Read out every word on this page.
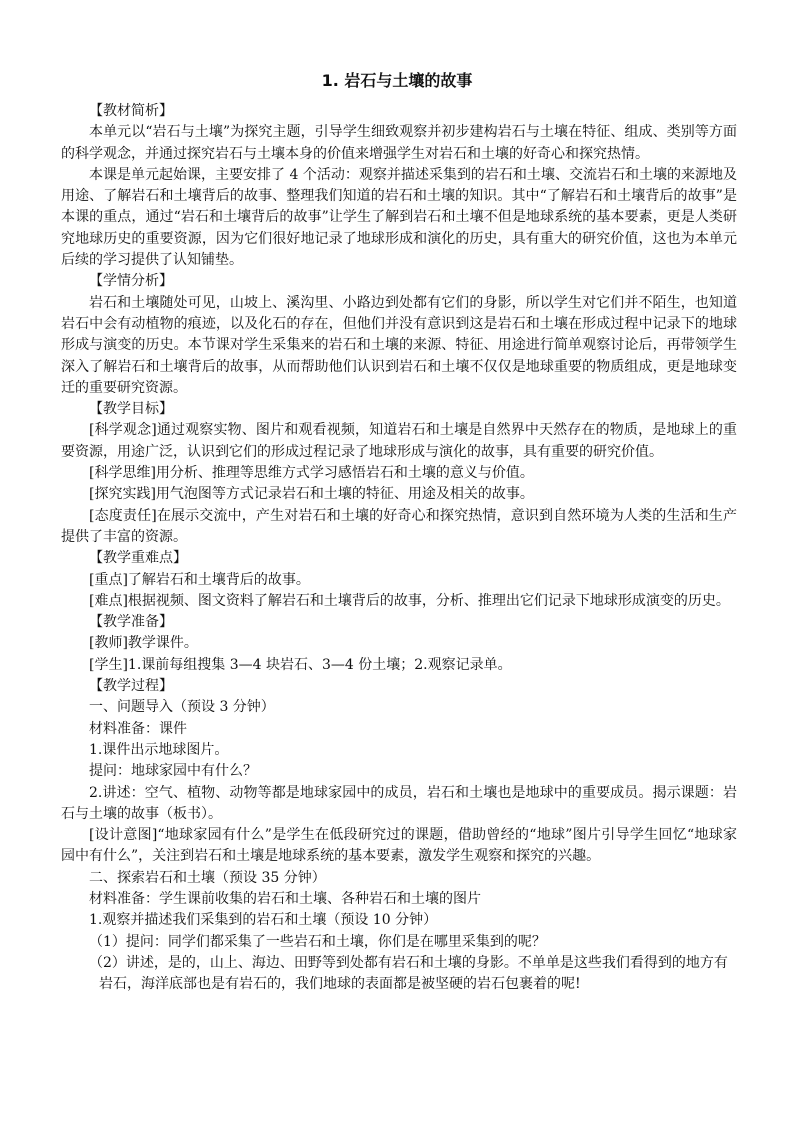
1. 岩石与土壤的故事

【教材简析】

本单元以“岩石与土壤”为探究主题，引导学生细致观察并初步建构岩石与土壤在特征、组成、类别等方面的科学观念，并通过探究岩石与土壤本身的价值来增强学生对岩石和土壤的好奇心和探究热情。

本课是单元起始课，主要安排了 4 个活动：观察并描述采集到的岩石和土壤、交流岩石和土壤的来源地及用途、了解岩石和土壤背后的故事、整理我们知道的岩石和土壤的知识。其中“了解岩石和土壤背后的故事”是本课的重点，通过“岩石和土壤背后的故事”让学生了解到岩石和土壤不但是地球系统的基本要素，更是人类研究地球历史的重要资源，因为它们很好地记录了地球形成和演化的历史，具有重大的研究价值，这也为本单元后续的学习提供了认知铺垫。

【学情分析】

岩石和土壤随处可见，山坡上、溪沟里、小路边到处都有它们的身影，所以学生对它们并不陌生，也知道岩石中会有动植物的痕迹，以及化石的存在，但他们并没有意识到这是岩石和土壤在形成过程中记录下的地球形成与演变的历史。本节课对学生采集来的岩石和土壤的来源、特征、用途进行简单观察讨论后，再带领学生深入了解岩石和土壤背后的故事，从而帮助他们认识到岩石和土壤不仅仅是地球重要的物质组成，更是地球变迁的重要研究资源。

【教学目标】

[科学观念]通过观察实物、图片和观看视频，知道岩石和土壤是自然界中天然存在的物质，是地球上的重要资源，用途广泛，认识到它们的形成过程记录了地球形成与演化的故事，具有重要的研究价值。

[科学思维]用分析、推理等思维方式学习感悟岩石和土壤的意义与价值。

[探究实践]用气泡图等方式记录岩石和土壤的特征、用途及相关的故事。

[态度责任]在展示交流中，产生对岩石和土壤的好奇心和探究热情，意识到自然环境为人类的生活和生产提供了丰富的资源。

【教学重难点】

[重点]了解岩石和土壤背后的故事。

[难点]根据视频、图文资料了解岩石和土壤背后的故事，分析、推理出它们记录下地球形成演变的历史。

【教学准备】

[教师]教学课件。

[学生]1.课前每组搜集 3—4 块岩石、3—4 份土壤；2.观察记录单。

【教学过程】

一、问题导入（预设 3 分钟）

材料准备：课件

1.课件出示地球图片。

提问：地球家园中有什么？

2.讲述：空气、植物、动物等都是地球家园中的成员，岩石和土壤也是地球中的重要成员。揭示课题：岩石与土壤的故事（板书）。

[设计意图]“地球家园有什么”是学生在低段研究过的课题，借助曾经的“地球”图片引导学生回忆“地球家园中有什么”，关注到岩石和土壤是地球系统的基本要素，激发学生观察和探究的兴趣。

二、探索岩石和土壤（预设 35 分钟）

材料准备：学生课前收集的岩石和土壤、各种岩石和土壤的图片

1.观察并描述我们采集到的岩石和土壤（预设 10 分钟）

（1）提问：同学们都采集了一些岩石和土壤，你们是在哪里采集到的呢？

（2）讲述，是的，山上、海边、田野等到处都有岩石和土壤的身影。不单单是这些我们看得到的地方有岩石，海洋底部也是有岩石的，我们地球的表面都是被坚硬的岩石包裹着的呢!
